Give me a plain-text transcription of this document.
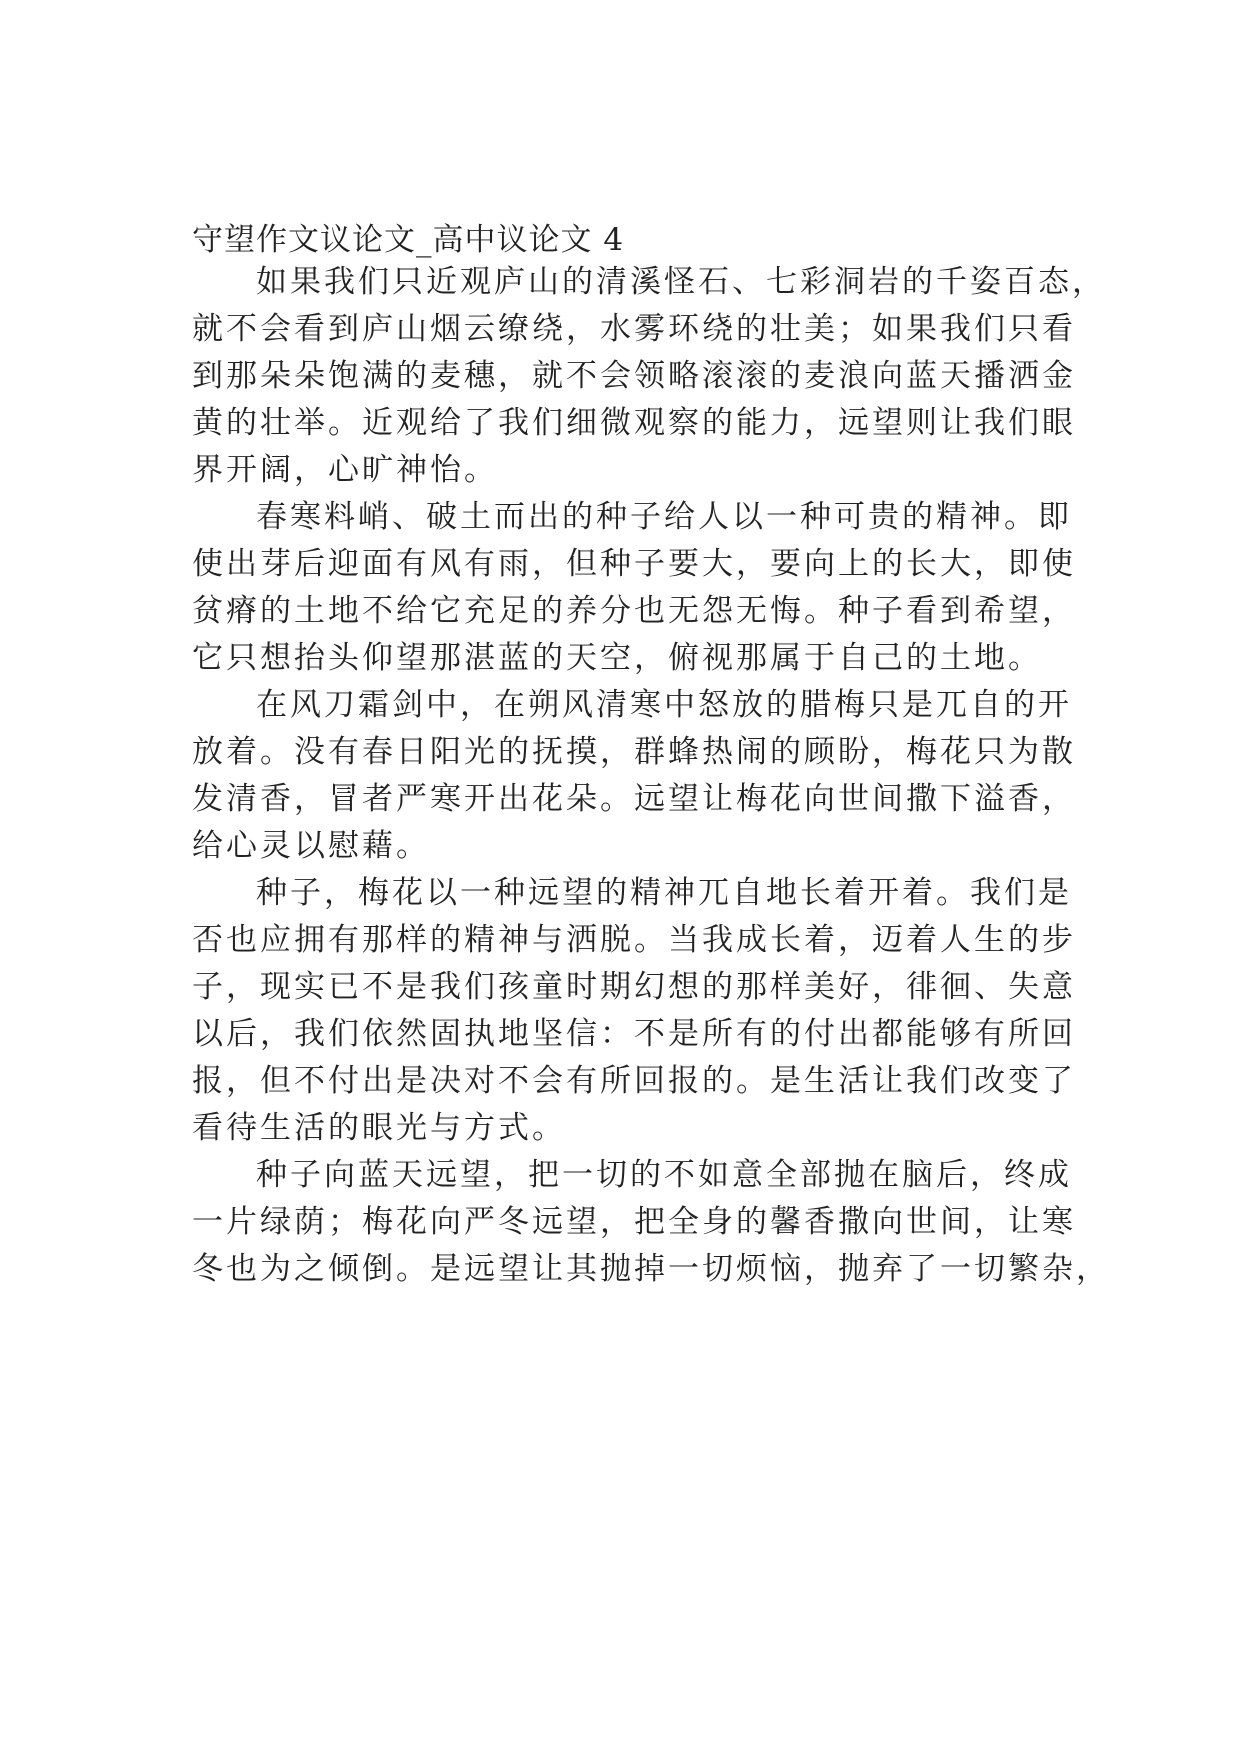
守望作文议论文_高中议论文 4
如果我们只近观庐山的清溪怪石、七彩洞岩的千姿百态，
就不会看到庐山烟云缭绕，水雾环绕的壮美；如果我们只看
到那朵朵饱满的麦穗，就不会领略滚滚的麦浪向蓝天播洒金
黄的壮举。近观给了我们细微观察的能力，远望则让我们眼
界开阔，心旷神怡。
春寒料峭、破土而出的种子给人以一种可贵的精神。即
使出芽后迎面有风有雨，但种子要大，要向上的长大，即使
贫瘠的土地不给它充足的养分也无怨无悔。种子看到希望，
它只想抬头仰望那湛蓝的天空，俯视那属于自己的土地。
在风刀霜剑中，在朔风清寒中怒放的腊梅只是兀自的开
放着。没有春日阳光的抚摸，群蜂热闹的顾盼，梅花只为散
发清香，冒者严寒开出花朵。远望让梅花向世间撒下溢香，
给心灵以慰藉。
种子，梅花以一种远望的精神兀自地长着开着。我们是
否也应拥有那样的精神与洒脱。当我成长着，迈着人生的步
子，现实已不是我们孩童时期幻想的那样美好，徘徊、失意
以后，我们依然固执地坚信：不是所有的付出都能够有所回
报，但不付出是决对不会有所回报的。是生活让我们改变了
看待生活的眼光与方式。
种子向蓝天远望，把一切的不如意全部抛在脑后，终成
一片绿荫；梅花向严冬远望，把全身的馨香撒向世间，让寒
冬也为之倾倒。是远望让其抛掉一切烦恼，抛弃了一切繁杂，
